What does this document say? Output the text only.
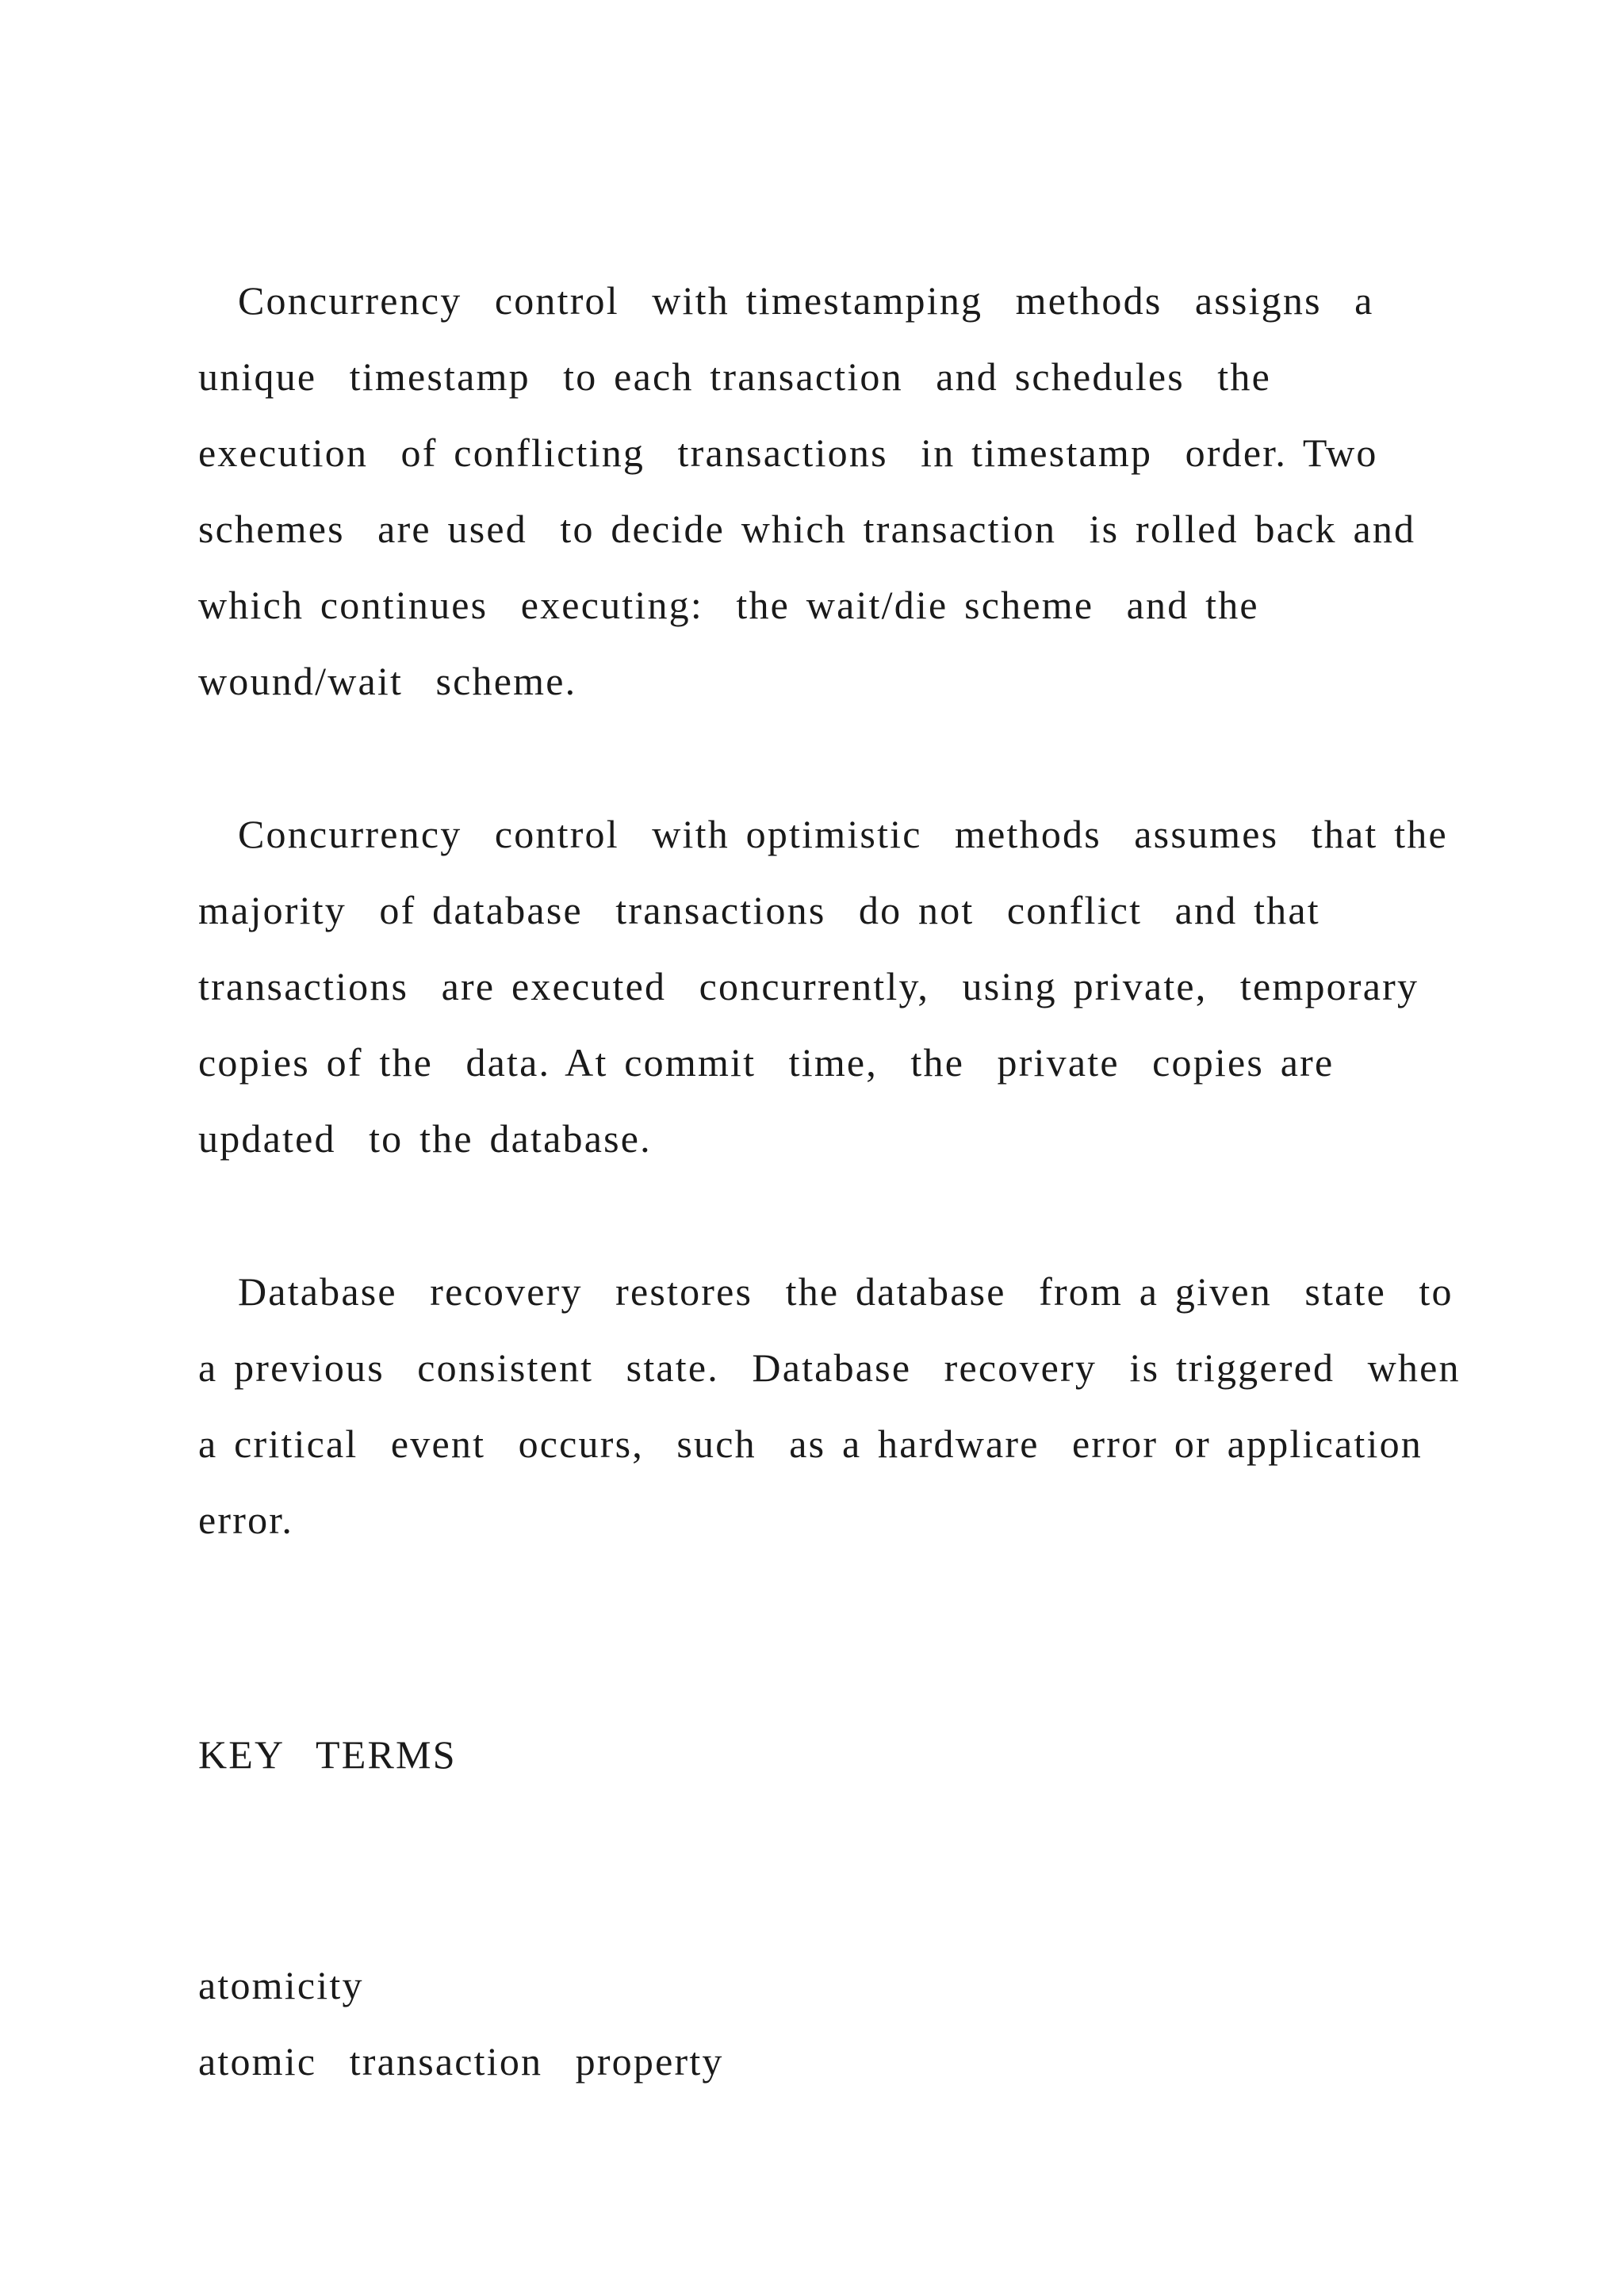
Concurrency  control  with timestamping  methods  assigns  a

unique  timestamp  to each transaction  and schedules  the

execution  of conflicting  transactions  in timestamp  order. Two

schemes  are used  to decide which transaction  is rolled back and

which continues  executing:  the wait/die scheme  and the

wound/wait  scheme.

Concurrency  control  with optimistic  methods  assumes  that the

majority  of database  transactions  do not  conflict  and that

transactions  are executed  concurrently,  using private,  temporary

copies of the  data. At commit  time,  the  private  copies are

updated  to the database.

Database  recovery  restores  the database  from a given  state  to

a previous  consistent  state.  Database  recovery  is triggered  when

a critical  event  occurs,  such  as a hardware  error or application

error.

KEY  TERMS

atomicity

atomic  transaction  property
